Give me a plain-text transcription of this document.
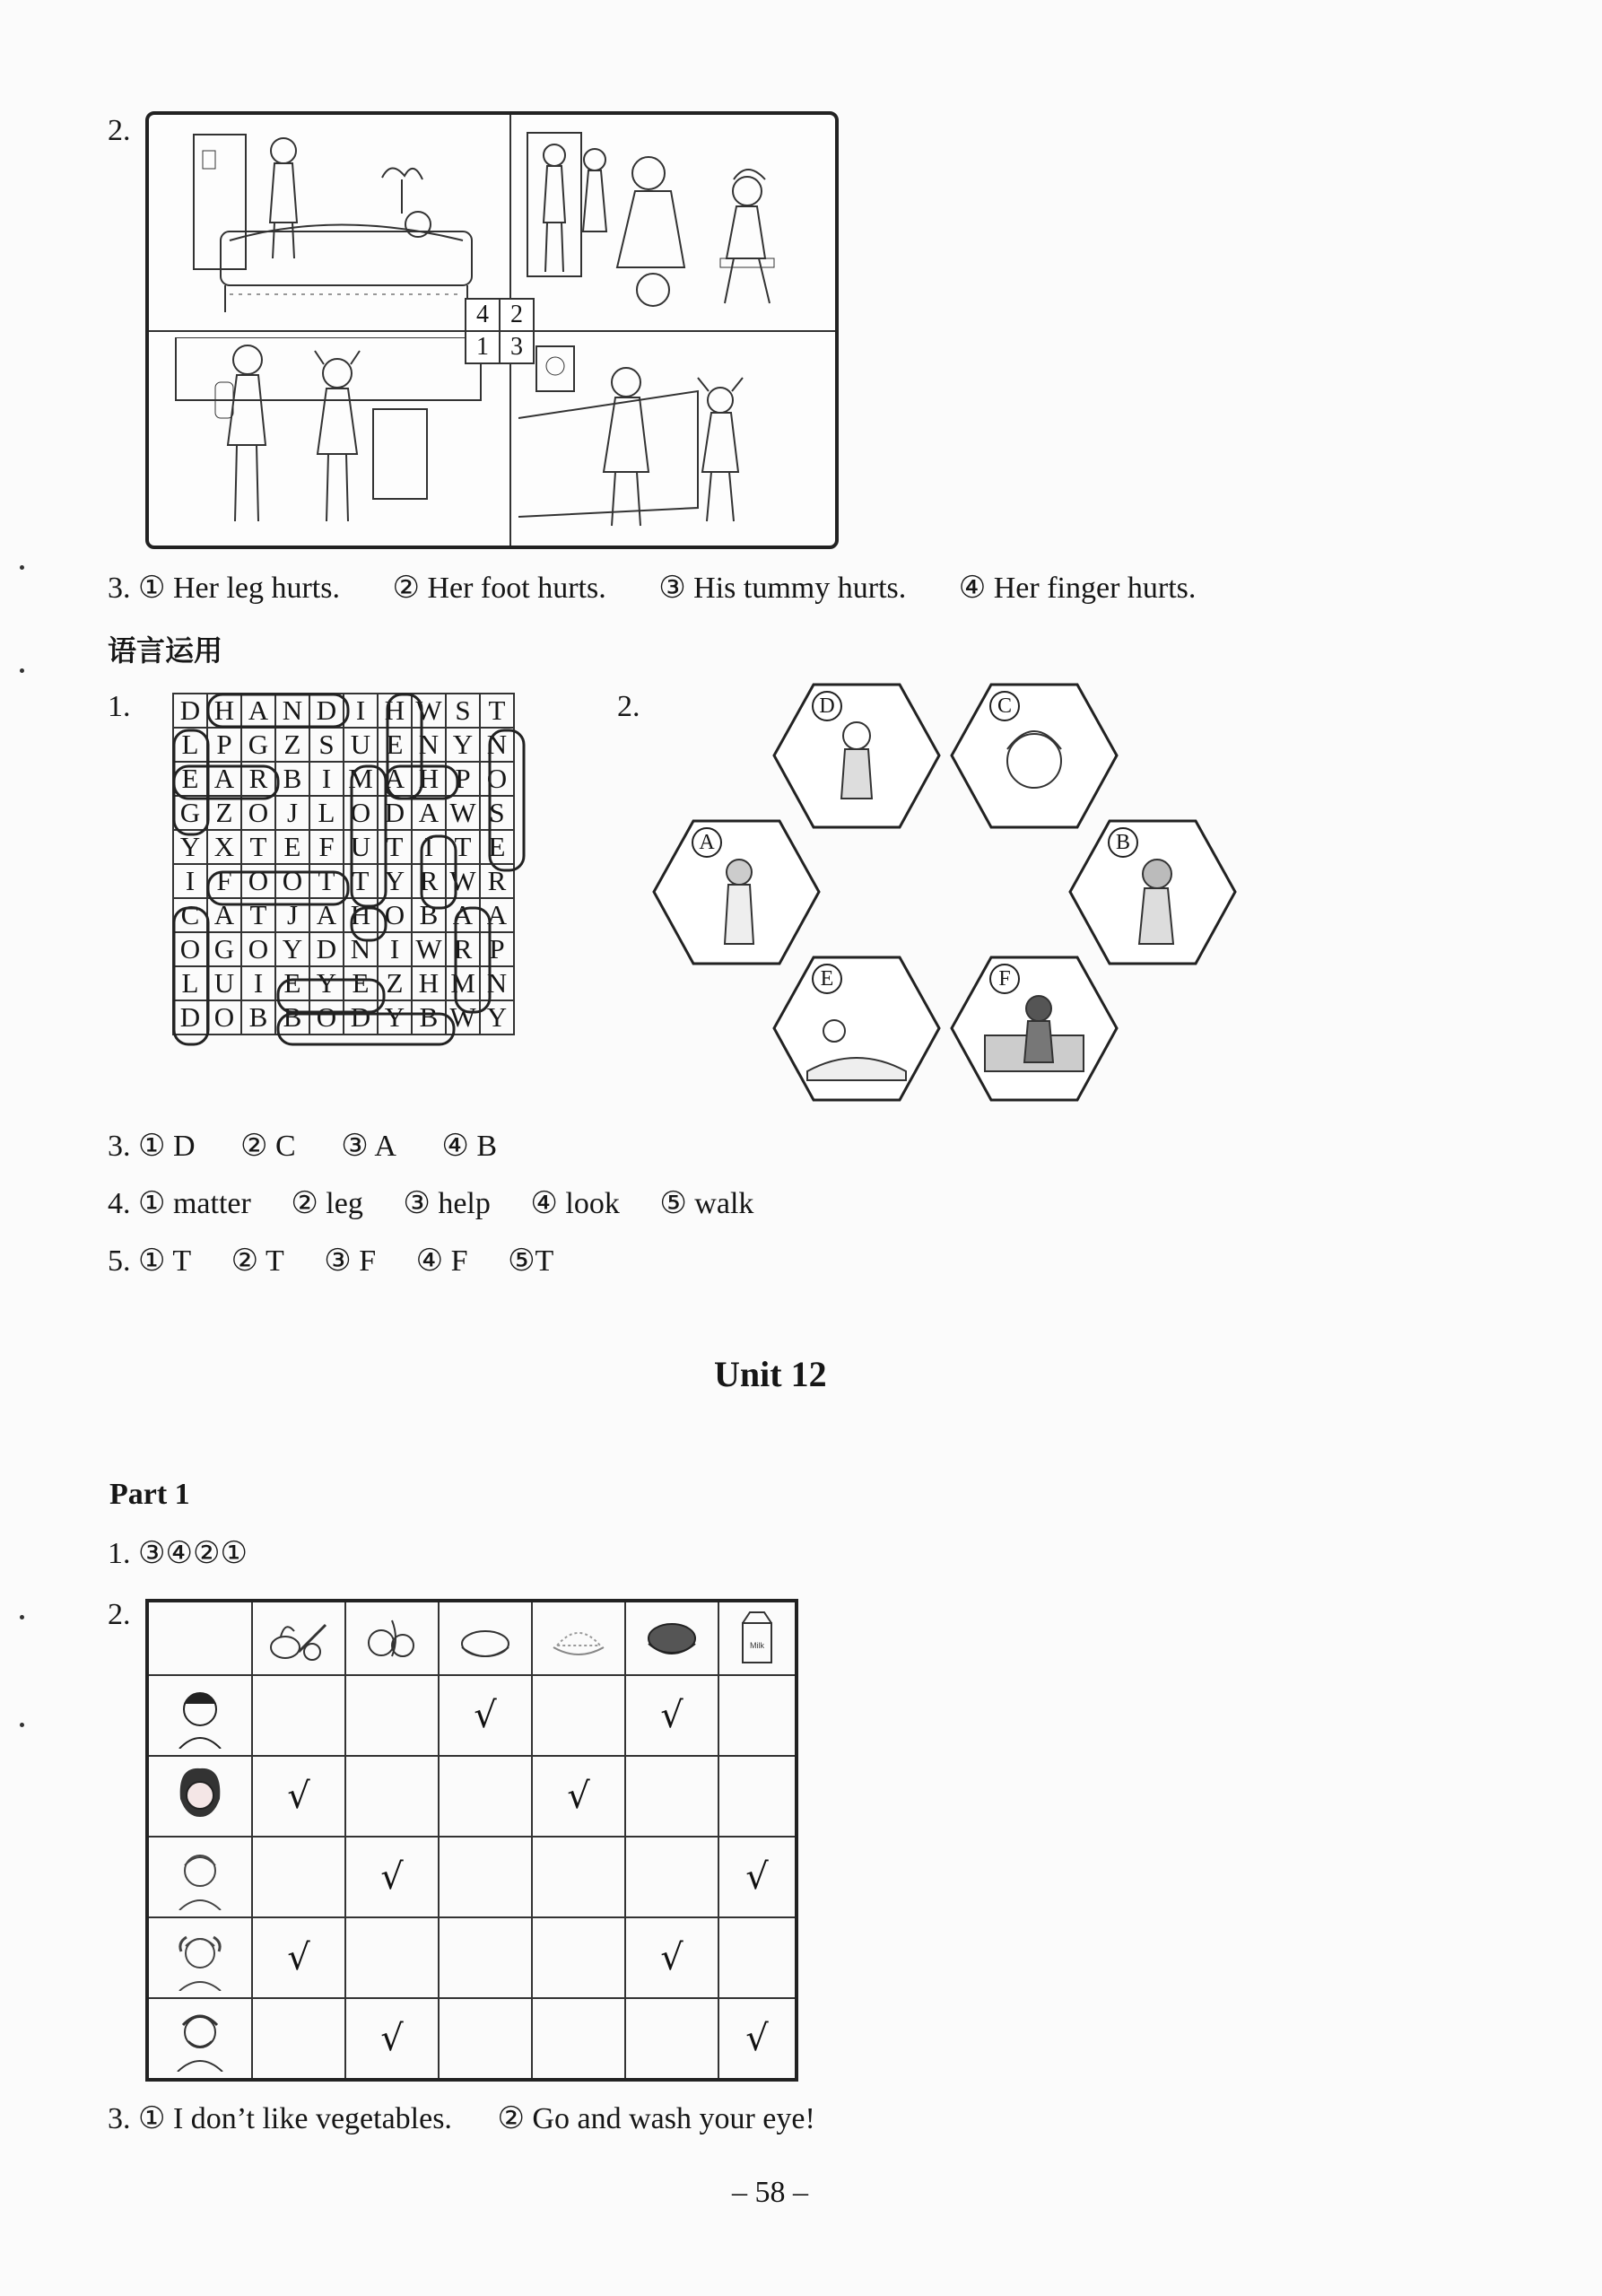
2.
4	2
1	3
3. ① Her leg hurts. ② Her foot hurts. ③ His tummy hurts. ④ Her finger hurts.
语言运用
1. D	H	A	N	D	I	H	W	S	T
L	P	G	Z	S	U	E	N	Y	N
E	A	R	B	I	M	A	H	P	O
G	Z	O	J	L	O	D	A	W	S
Y	X	T	E	F	U	T	I	T	E
I	F	O	O	T	T	Y	R	W	R
C	A	T	J	A	H	O	B	A	A
O	G	O	Y	D	N	I	W	R	P
L	U	I	E	Y	E	Z	H	M	N
D	O	B	B	O	D	Y	B	W	Y
2.	D	C
A	B
E	F
3. ① D ② C ③ A ④ B
4. ① matter ② leg ③ help ④ look ⑤ walk
5. ① T ② T ③ F ④ F ⑤T
Unit 12
Part 1
1. ③④②①
2.

Milk

			√		√	

	√			√		

		√				√

	√				√	

		√				√
3. ① I don’t like vegetables. ② Go and wash your eye!
– 58 –
